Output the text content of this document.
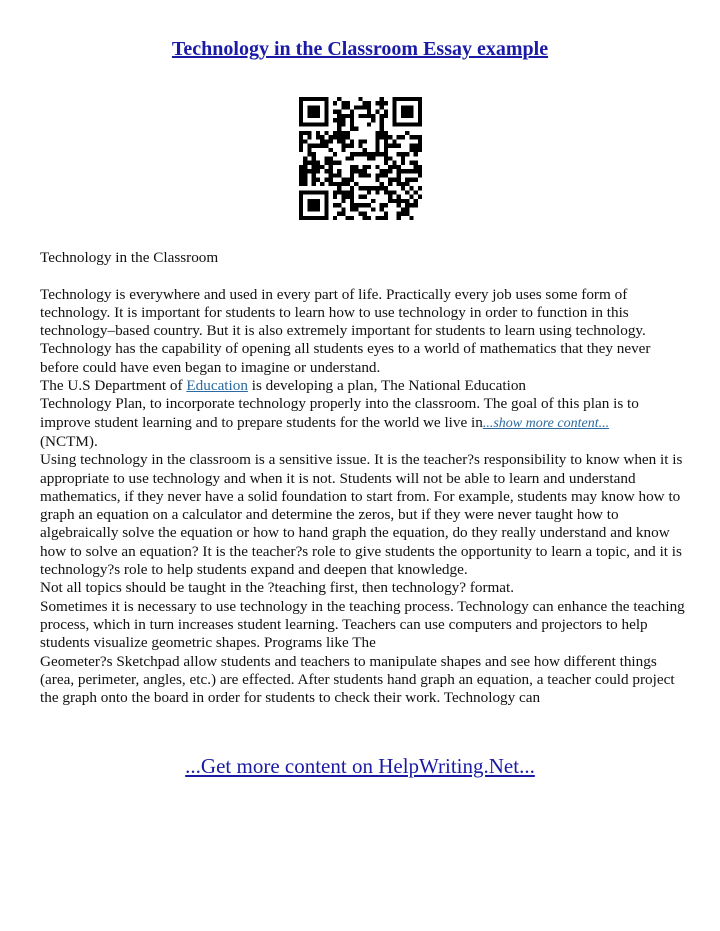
Technology in the Classroom Essay example

Technology in the Classroom

Technology is everywhere and used in every part of life. Practically every job uses some form of technology. It is important for students to learn how to use technology in order to function in this technology–based country. But it is also extremely important for students to learn using technology. Technology has the capability of opening all students eyes to a world of mathematics that they never before could have even began to imagine or understand.

The U.S Department of Education is developing a plan, The National Education

Technology Plan, to incorporate technology properly into the classroom. The goal of this plan is to improve student learning and to prepare students for the world we live in...show more content...

(NCTM).

Using technology in the classroom is a sensitive issue. It is the teacher?s responsibility to know when it is appropriate to use technology and when it is not. Students will not be able to learn and understand mathematics, if they never have a solid foundation to start from. For example, students may know how to graph an equation on a calculator and determine the zeros, but if they were never taught how to algebraically solve the equation or how to hand graph the equation, do they really understand and know how to solve an equation? It is the teacher?s role to give students the opportunity to learn a topic, and it is technology?s role to help students expand and deepen that knowledge.

Not all topics should be taught in the ?teaching first, then technology? format.

Sometimes it is necessary to use technology in the teaching process. Technology can enhance the teaching process, which in turn increases student learning. Teachers can use computers and projectors to help students visualize geometric shapes. Programs like The

Geometer?s Sketchpad allow students and teachers to manipulate shapes and see how different things (area, perimeter, angles, etc.) are effected. After students hand graph an equation, a teacher could project the graph onto the board in order for students to check their work. Technology can

...Get more content on HelpWriting.Net...
